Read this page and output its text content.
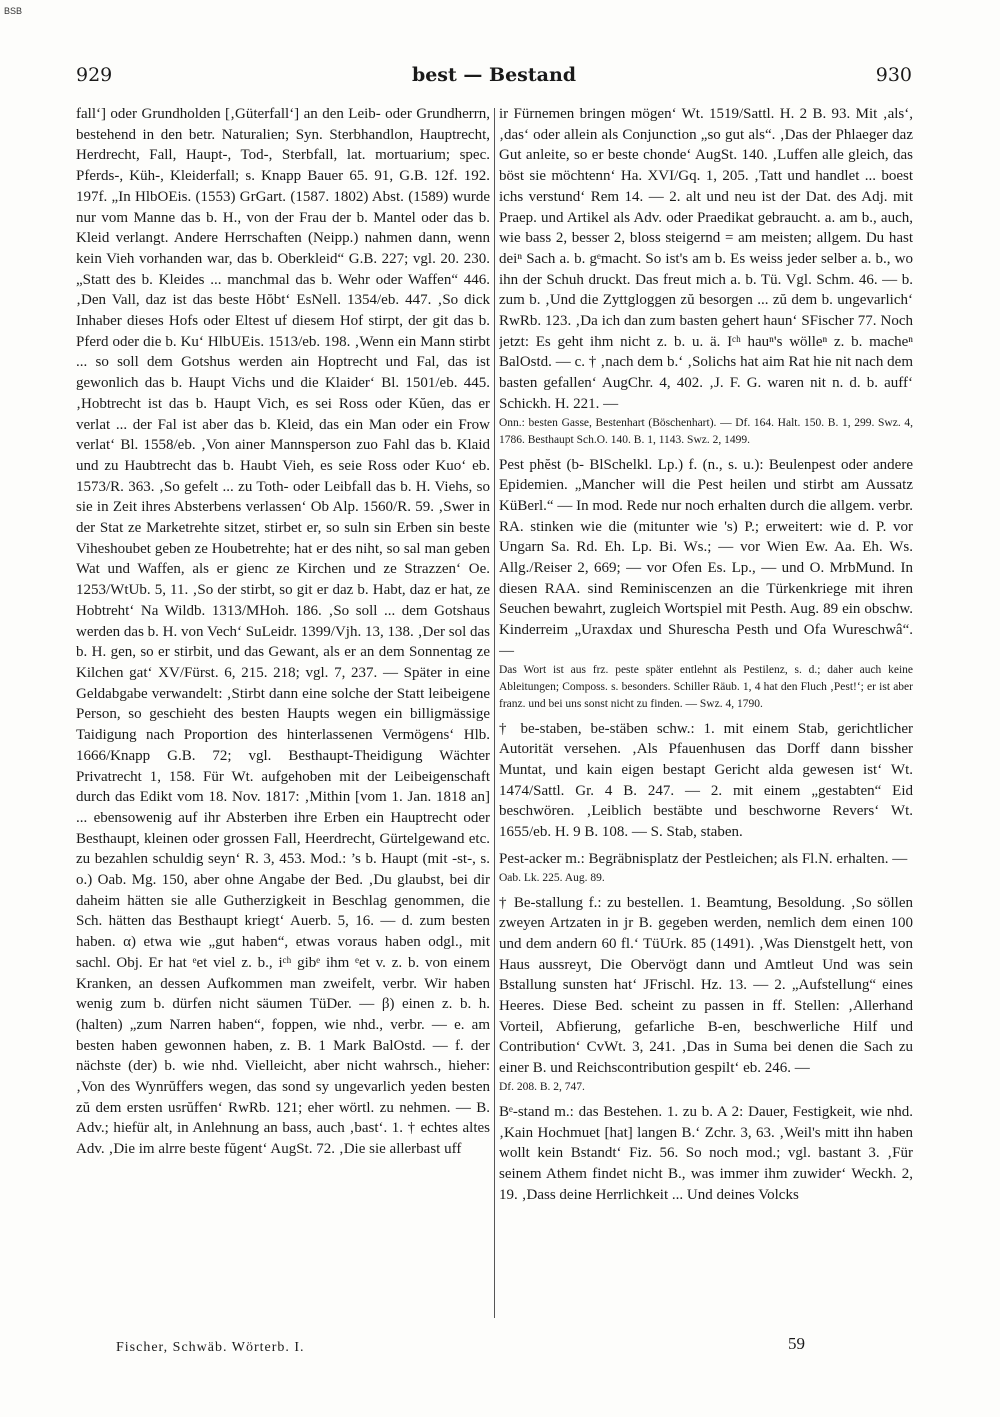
BSB
929	best — Bestand	930

fall‘] oder Grundholden [‚Güterfall‘] an den Leib- oder Grundherrn, bestehend in den betr. Naturalien; Syn. Sterbhandlon, Hauptrecht, Herdrecht, Fall, Haupt-, Tod-, Sterbfall, lat. mortuarium; spec. Pferds-, Küh-, Kleiderfall; s. Knapp Bauer 65. 91, G.B. 12f. 192. 197f. „In HlbOEis. (1553) GrGart. (1587. 1802) Abst. (1589) wurde nur vom Manne das b. H., von der Frau der b. Mantel oder das b. Kleid verlangt. Andere Herrschaften (Neipp.) nahmen dann, wenn kein Vieh vorhanden war, das b. Oberkleid“ G.B. 227; vgl. 20. 230. „Statt des b. Kleides ... manchmal das b. Wehr oder Waffen“ 446. ‚Den Vall, daz ist das beste Hŏbt‘ EsNell. 1354/eb. 447. ‚So dick Inhaber dieses Hofs oder Eltest uf diesem Hof stirpt, der git das b. Pferd oder die b. Ku‘ HlbUEis. 1513/eb. 198. ‚Wenn ein Mann stirbt ... so soll dem Gotshus werden ain Hoptrecht und Fal, das ist gewonlich das b. Haupt Vichs und die Klaider‘ Bl. 1501/eb. 445. ‚Hobtrecht ist das b. Haupt Vich, es sei Ross oder Kŭen, das er verlat ... der Fal ist aber das b. Kleid, das ein Man oder ein Frow verlat‘ Bl. 1558/eb. ‚Von ainer Mannsperson zuo Fahl das b. Klaid und zu Haubtrecht das b. Haubt Vieh, es seie Ross oder Kuo‘ eb. 1573/R. 363. ‚So gefelt ... zu Toth- oder Leibfall das b. H. Viehs, so sie in Zeit ihres Absterbens verlassen‘ Ob Alp. 1560/R. 59. ‚Swer in der Stat ze Marketrehte sitzet, stirbet er, so suln sin Erben sin beste Viheshoubet geben ze Houbetrehte; hat er des niht, so sal man geben Wat und Waffen, als er gienc ze Kirchen und ze Strazzen‘ Oe. 1253/WtUb. 5, 11. ‚So der stirbt, so git er daz b. Habt, daz er hat, ze Hobtreht‘ Na Wildb. 1313/MHoh. 186. ‚So soll ... dem Gotshaus werden das b. H. von Vech‘ SuLeidr. 1399/Vjh. 13, 138. ‚Der sol das b. H. gen, so er stirbit, und das Gewant, als er an dem Sonnentag ze Kilchen gat‘ XV/Fürst. 6, 215. 218; vgl. 7, 237. — Später in eine Geldabgabe verwandelt: ‚Stirbt dann eine solche der Statt leibeigene Person, so geschieht des besten Haupts wegen ein billigmässige Taidigung nach Proportion des hinterlassenen Vermögens‘ Hlb. 1666/Knapp G.B. 72; vgl. Besthaupt-Theidigung Wächter Privatrecht 1, 158. Für Wt. aufgehoben mit der Leibeigenschaft durch das Edikt vom 18. Nov. 1817: ‚Mithin [vom 1. Jan. 1818 an] ... ebensowenig auf ihr Absterben ihre Erben ein Hauptrecht oder Besthaupt, kleinen oder grossen Fall, Heerdrecht, Gürtelgewand etc. zu bezahlen schuldig seyn‘ R. 3, 453. Mod.: ’s b. Haupt (mit -st-, s. o.) Oab. Mg. 150, aber ohne Angabe der Bed. ‚Du glaubst, bei dir daheim hätten sie alle Gutherzigkeit in Beschlag genommen, die Sch. hätten das Besthaupt kriegt‘ Auerb. 5, 16. — d. zum besten haben. α) etwa wie „gut haben“, etwas voraus haben odgl., mit sachl. Obj. Er hat ᵉet viel z. b., iᶜʰ gibᵉ ihm ᵉet v. z. b. von einem Kranken, an dessen Aufkommen man zweifelt, verbr. Wir haben wenig zum b. dürfen nicht säumen TüDer. — β) einen z. b. h. (halten) „zum Narren haben“, foppen, wie nhd., verbr. — e. am besten haben gewonnen haben, z. B. 1 Mark BalOstd. — f. der nächste (der) b. wie nhd. Vielleicht, aber nicht wahrsch., hieher: ‚Von des Wynrŭffers wegen, das sond sy ungevarlich yeden besten zŭ dem ersten usrŭffen‘ RwRb. 121; eher wörtl. zu nehmen. — B. Adv.; hiefür alt, in Anlehnung an bass, auch ‚bast‘. 1. † echtes altes Adv. ‚Die im alrre beste fŭgent‘ AugSt. 72. ‚Die sie allerbast uff

ir Fürnemen bringen mögen‘ Wt. 1519/Sattl. H. 2 B. 93. Mit ‚als‘, ‚das‘ oder allein als Conjunction „so gut als“. ‚Das der Phlaeger daz Gut anleite, so er beste chonde‘ AugSt. 140. ‚Luffen alle gleich, das böst sie möchtenn‘ Ha. XVI/Gq. 1, 205. ‚Tatt und handlet ... boest ichs verstund‘ Rem 14. — 2. alt und neu ist der Dat. des Adj. mit Praep. und Artikel als Adv. oder Praedikat gebraucht. a. am b., auch, wie bass 2, besser 2, bloss steigernd = am meisten; allgem. Du hast deiⁿ Sach a. b. gᵉmacht. So ist's am b. Es weiss jeder selber a. b., wo ihn der Schuh druckt. Das freut mich a. b. Tü. Vgl. Schm. 46. — b. zum b. ‚Und die Zyttgloggen zŭ besorgen ... zŭ dem b. ungevarlich‘ RwRb. 123. ‚Da ich dan zum basten gehert haun‘ SFischer 77. Noch jetzt: Es geht ihm nicht z. b. u. ä. Iᶜʰ hauⁿ's wölleⁿ z. b. macheⁿ BalOstd. — c. † ‚nach dem b.‘ ‚Solichs hat aim Rat hie nit nach dem basten gefallen‘ AugChr. 4, 402. ‚J. F. G. waren nit n. d. b. auff‘ Schickh. H. 221. —

Onn.: besten Gasse, Bestenhart (Böschenhart). — Df. 164. Halt. 150. B. 1, 299. Swz. 4, 1786. Besthaupt Sch.O. 140. B. 1, 1143. Swz. 2, 1499.

Pest phĕst (b- BlSchelkl. Lp.) f. (n., s. u.): Beulenpest oder andere Epidemien. „Mancher will die Pest heilen und stirbt am Aussatz KüBerl.“ — In mod. Rede nur noch erhalten durch die allgem. verbr. RA. stinken wie die (mitunter wie 's) P.; erweitert: wie d. P. vor Ungarn Sa. Rd. Eh. Lp. Bi. Ws.; — vor Wien Ew. Aa. Eh. Ws. Allg./Reiser 2, 669; — vor Ofen Es. Lp., — und O. MrbMund. In diesen RAA. sind Reminiscenzen an die Türkenkriege mit ihren Seuchen bewahrt, zugleich Wortspiel mit Pesth. Aug. 89 ein obschw. Kinderreim „Uraxdax und Shurescha Pesth und Ofa Wureschwâ“. —

Das Wort ist aus frz. peste später entlehnt als Pestilenz, s. d.; daher auch keine Ableitungen; Composs. s. besonders. Schiller Räub. 1, 4 hat den Fluch ‚Pest!‘; er ist aber franz. und bei uns sonst nicht zu finden. — Swz. 4, 1790.

† be-staben, be-stäben schw.: 1. mit einem Stab, gerichtlicher Autorität versehen. ‚Als Pfauenhusen das Dorff dann bissher Muntat, und kain eigen bestapt Gericht alda gewesen ist‘ Wt. 1474/Sattl. Gr. 4 B. 247. — 2. mit einem „gestabten“ Eid beschwören. ‚Leiblich bestäbte und beschworne Revers‘ Wt. 1655/eb. H. 9 B. 108. — S. Stab, staben.

Pest-acker m.: Begräbnisplatz der Pestleichen; als Fl.N. erhalten. —

Oab. Lk. 225. Aug. 89.

† Be-stallung f.: zu bestellen. 1. Beamtung, Besoldung. ‚So söllen zweyen Artzaten in jr B. gegeben werden, nemlich dem einen 100 und dem andern 60 fl.‘ TüUrk. 85 (1491). ‚Was Dienstgelt hett, von Haus aussreyt, Die Obervögt dann und Amtleut Und was sein Bstallung sunsten hat‘ JFrischl. Hz. 13. — 2. „Aufstellung“ eines Heeres. Diese Bed. scheint zu passen in ff. Stellen: ‚Allerhand Vorteil, Abfierung, gefarliche B-en, beschwerliche Hilf und Contribution‘ CvWt. 3, 241. ‚Das in Suma bei denen die Sach zu einer B. und Reichscontribution gespilt‘ eb. 246. —

Df. 208. B. 2, 747.

Bᵉ-stand m.: das Bestehen. 1. zu b. A 2: Dauer, Festigkeit, wie nhd. ‚Kain Hochmuet [hat] langen B.‘ Zchr. 3, 63. ‚Weil's mitt ihn haben wollt kein Bstandt‘ Fiz. 56. So noch mod.; vgl. bastant 3. ‚Für seinem Athem findet nicht B., was immer ihm zuwider‘ Weckh. 2, 19. ‚Dass deine Herrlichkeit ... Und deines Volcks

Fischer, Schwäb. Wörterb. I.	59
